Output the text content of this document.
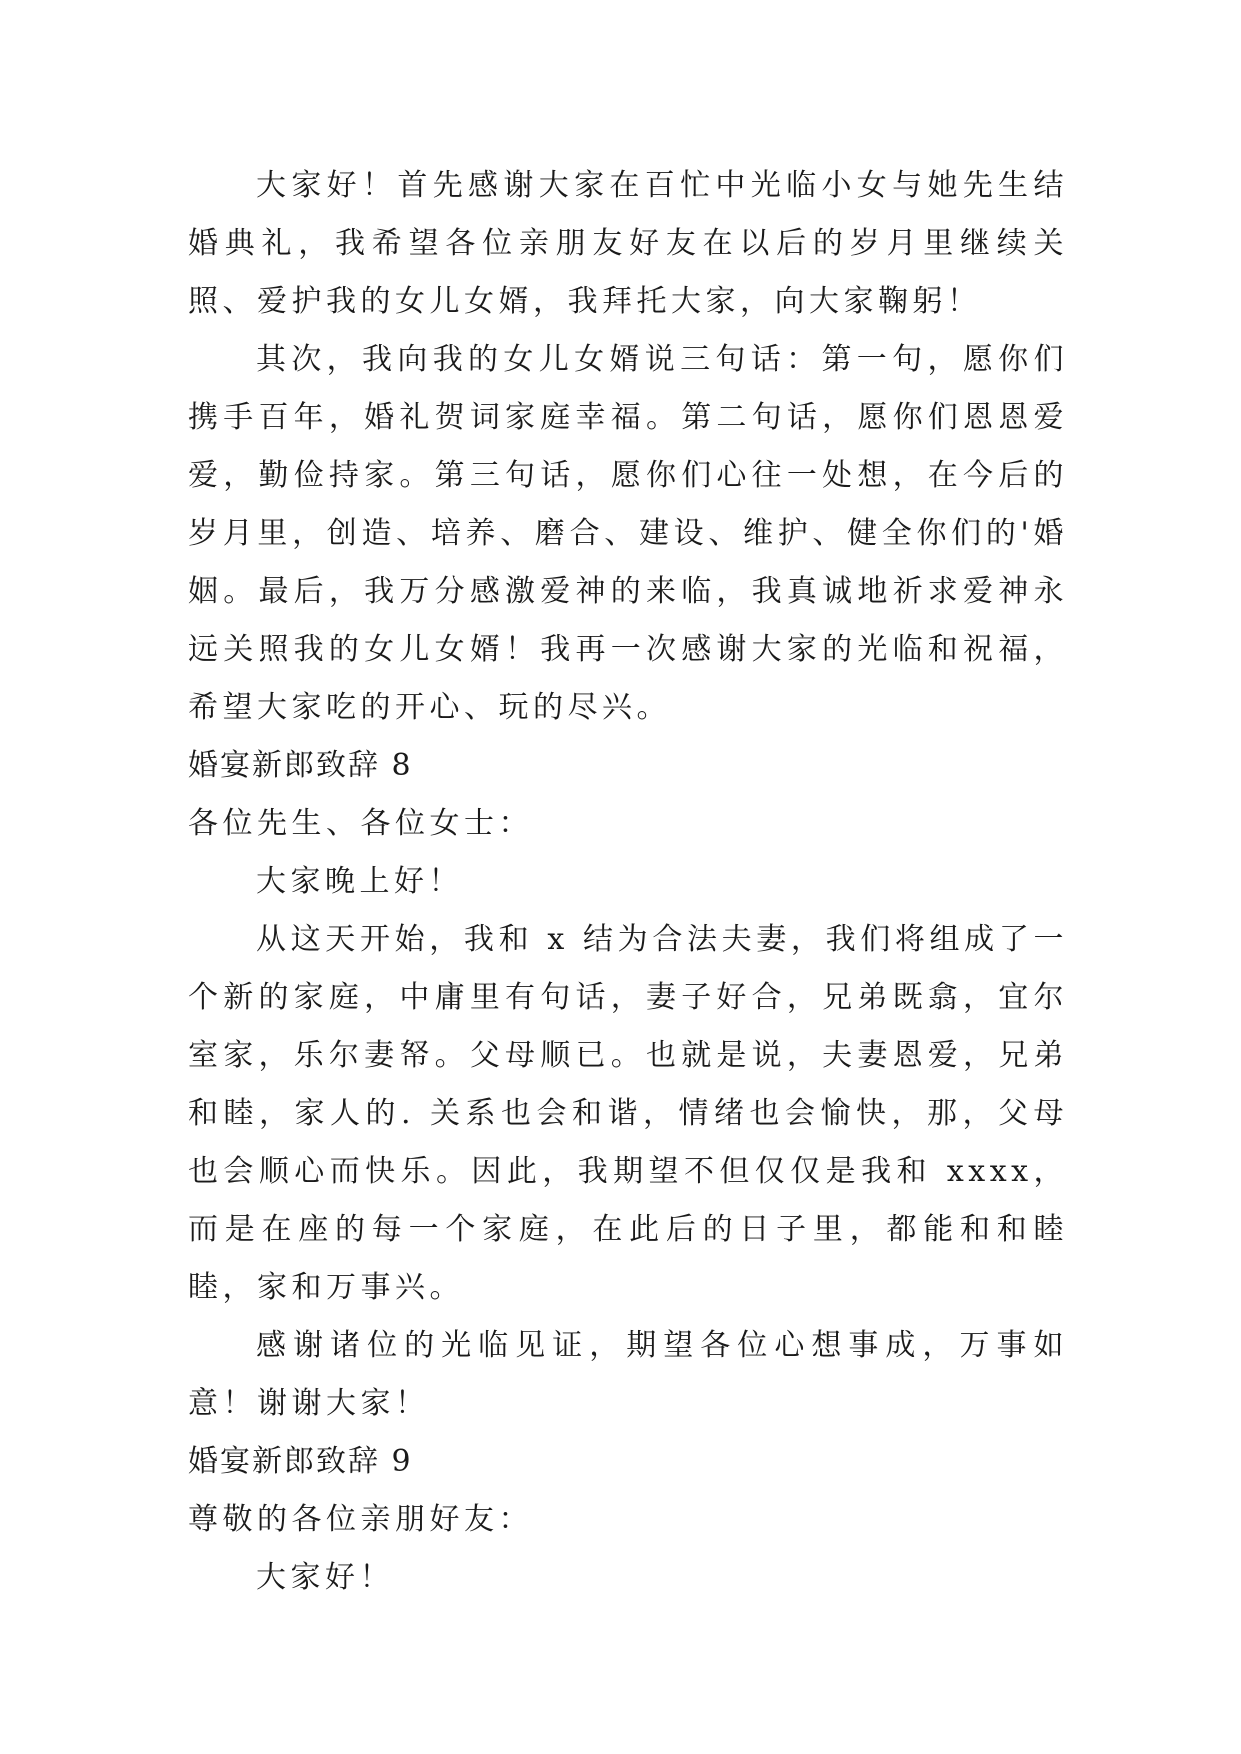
大家好！首先感谢大家在百忙中光临小女与她先生结婚典礼，我希望各位亲朋友好友在以后的岁月里继续关照、爱护我的女儿女婿，我拜托大家，向大家鞠躬！

其次，我向我的女儿女婿说三句话：第一句，愿你们携手百年，婚礼贺词家庭幸福。第二句话，愿你们恩恩爱爱，勤俭持家。第三句话，愿你们心往一处想，在今后的岁月里，创造、培养、磨合、建设、维护、健全你们的'婚姻。最后，我万分感激爱神的来临，我真诚地祈求爱神永远关照我的女儿女婿！我再一次感谢大家的光临和祝福，希望大家吃的开心、玩的尽兴。

婚宴新郎致辞 8

各位先生、各位女士：

大家晚上好！

从这天开始，我和 x 结为合法夫妻，我们将组成了一个新的家庭，中庸里有句话，妻子好合，兄弟既翕，宜尔室家，乐尔妻帑。父母顺已。也就是说，夫妻恩爱，兄弟和睦，家人的. 关系也会和谐，情绪也会愉快，那，父母也会顺心而快乐。因此，我期望不但仅仅是我和 xxxx，而是在座的每一个家庭，在此后的日子里，都能和和睦睦，家和万事兴。

感谢诸位的光临见证，期望各位心想事成，万事如意！谢谢大家！

婚宴新郎致辞 9

尊敬的各位亲朋好友：

大家好！
